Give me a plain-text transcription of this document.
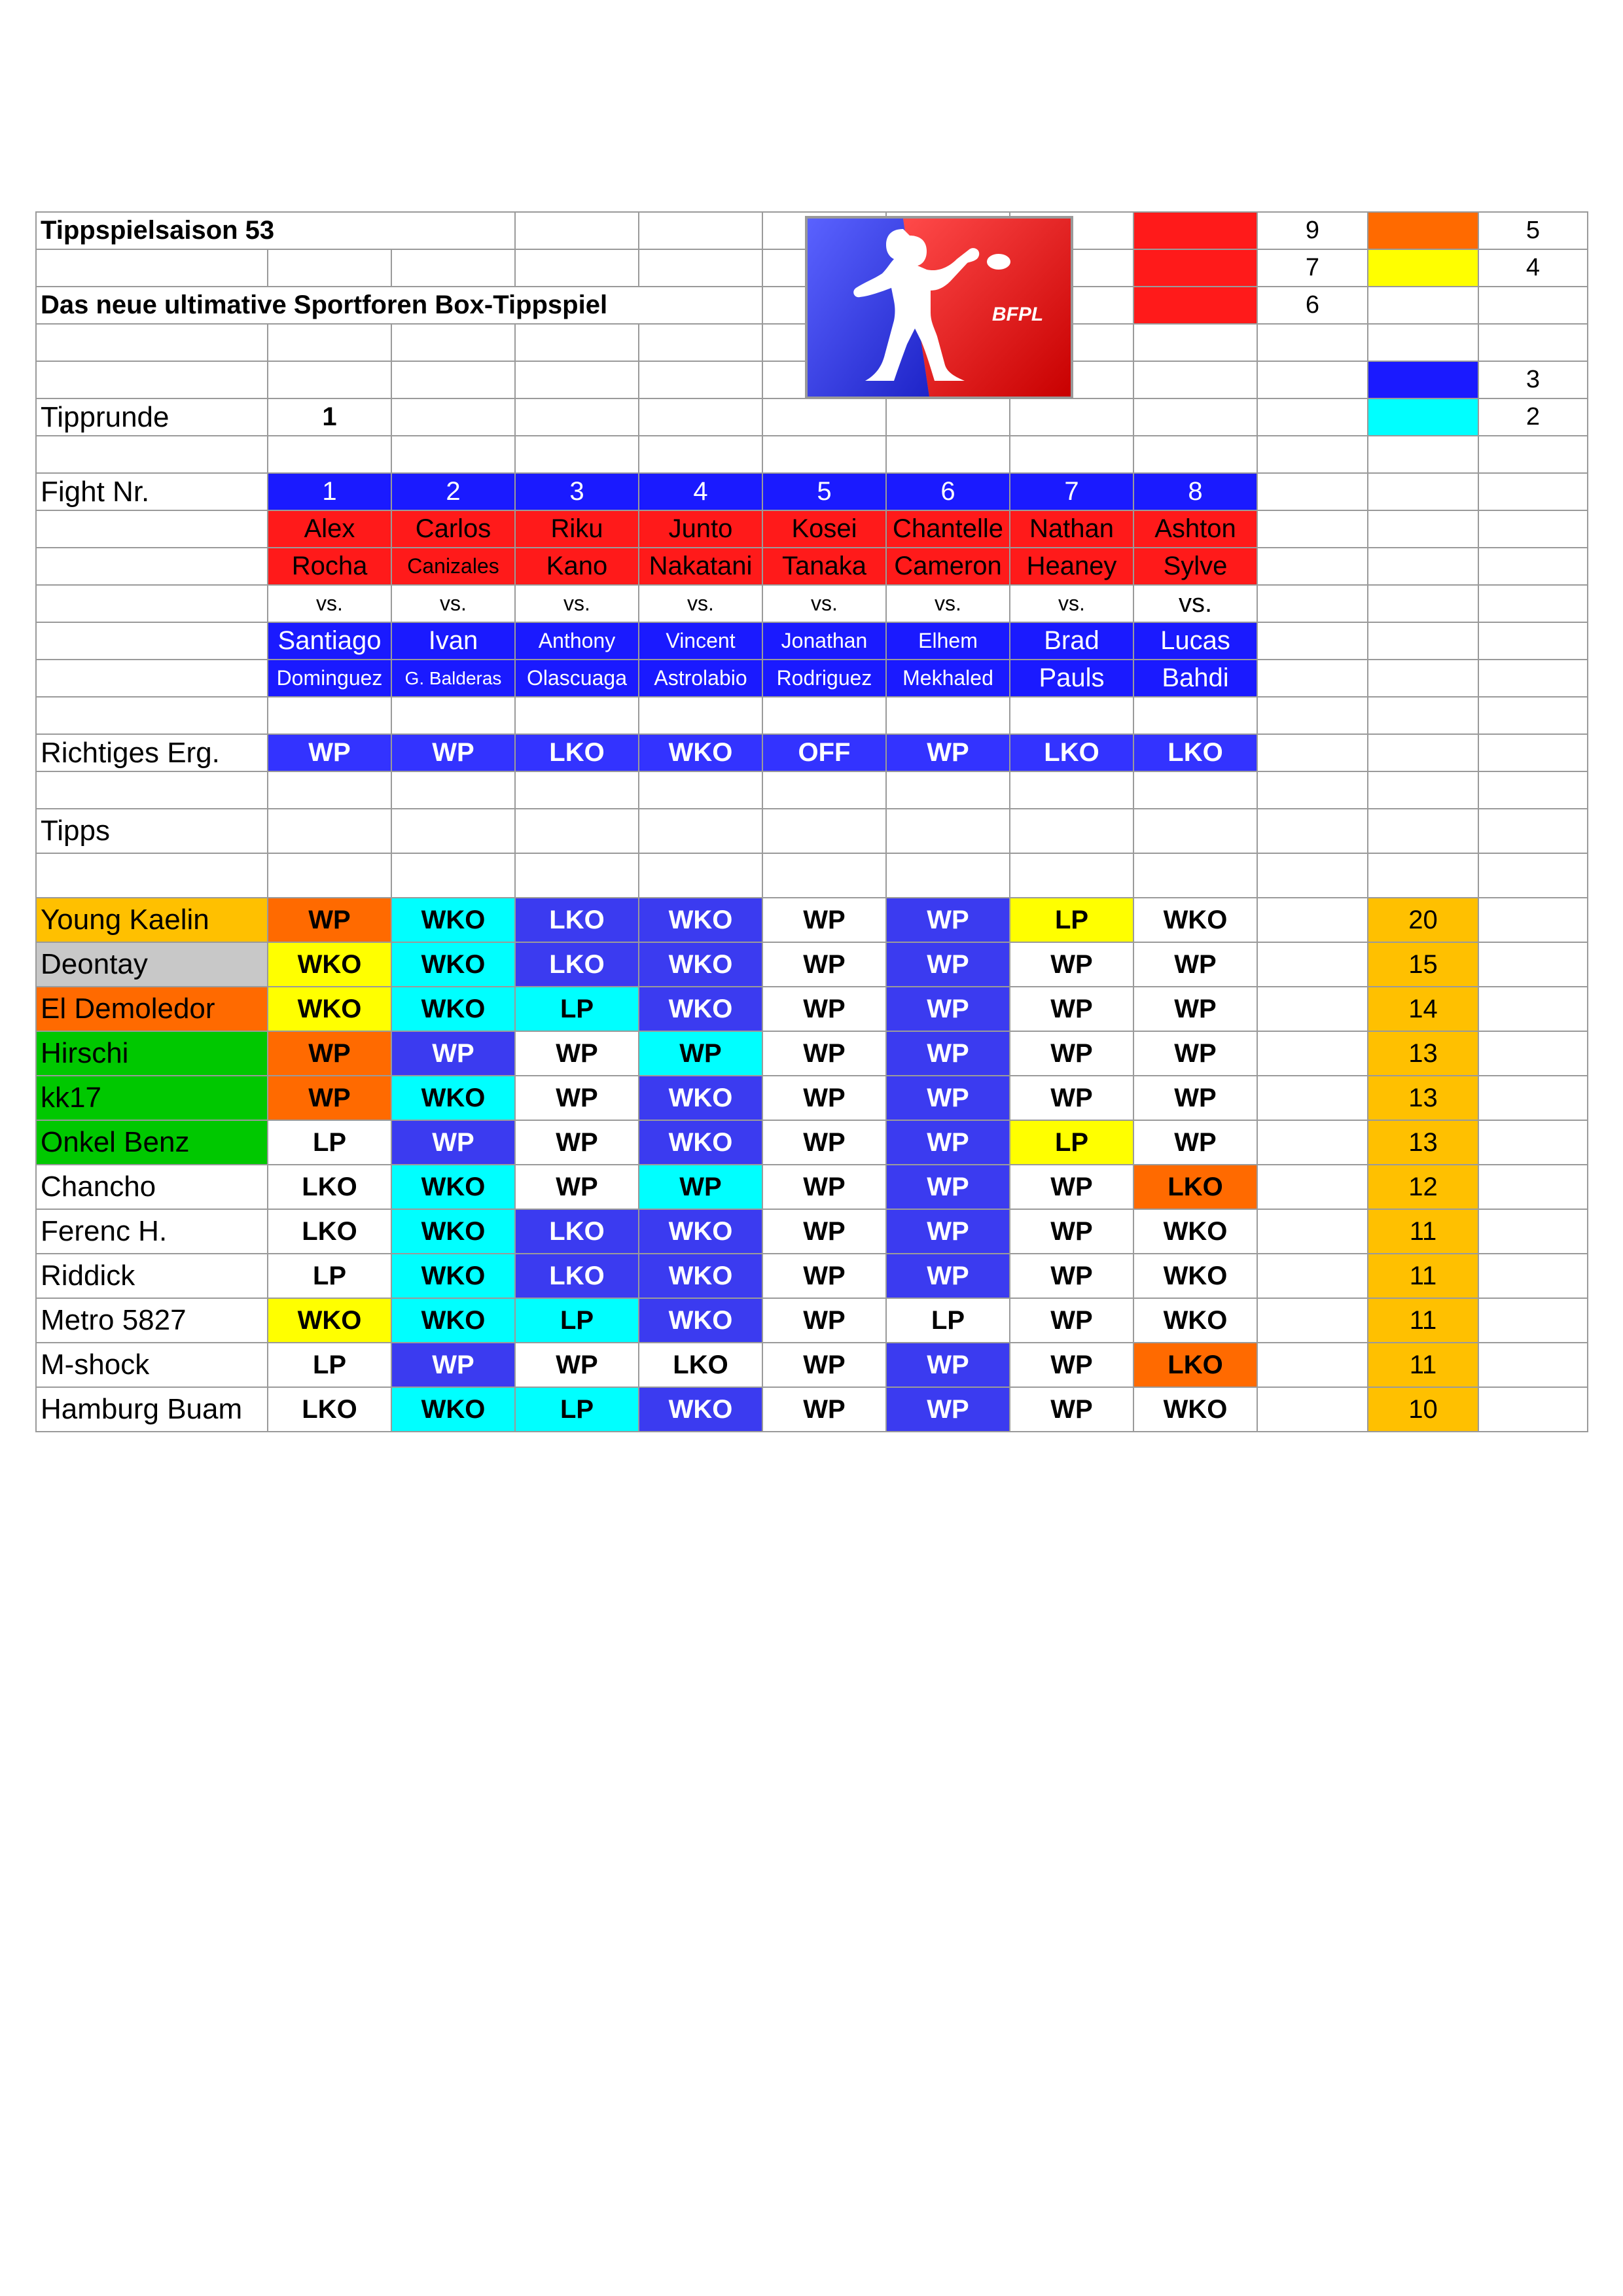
Tippspielsaison 53									9		5
									7		4
Das neue ultimative Sportforen Box-Tippspiel									6		

											3
Tipprunde	1										2

Fight Nr.	1	2	3	4	5	6	7	8			
	Alex	Carlos	Riku	Junto	Kosei	Chantelle	Nathan	Ashton			
	Rocha	Canizales	Kano	Nakatani	Tanaka	Cameron	Heaney	Sylve			
	vs.	vs.	vs.	vs.	vs.	vs.	vs.	vs.			
	Santiago	Ivan	Anthony	Vincent	Jonathan	Elhem	Brad	Lucas			
	Dominguez	G. Balderas	Olascuaga	Astrolabio	Rodriguez	Mekhaled	Pauls	Bahdi			

Richtiges Erg.	WP	WP	LKO	WKO	OFF	WP	LKO	LKO			

Tipps											

Young Kaelin	WP	WKO	LKO	WKO	WP	WP	LP	WKO		20	
Deontay	WKO	WKO	LKO	WKO	WP	WP	WP	WP		15	
El Demoledor	WKO	WKO	LP	WKO	WP	WP	WP	WP		14	
Hirschi	WP	WP	WP	WP	WP	WP	WP	WP		13	
kk17	WP	WKO	WP	WKO	WP	WP	WP	WP		13	
Onkel Benz	LP	WP	WP	WKO	WP	WP	LP	WP		13	
Chancho	LKO	WKO	WP	WP	WP	WP	WP	LKO		12	
Ferenc H.	LKO	WKO	LKO	WKO	WP	WP	WP	WKO		11	
Riddick	LP	WKO	LKO	WKO	WP	WP	WP	WKO		11	
Metro 5827	WKO	WKO	LP	WKO	WP	LP	WP	WKO		11	
M-shock	LP	WP	WP	LKO	WP	WP	WP	LKO		11	
Hamburg Buam	LKO	WKO	LP	WKO	WP	WP	WP	WKO		10	
BFPL
